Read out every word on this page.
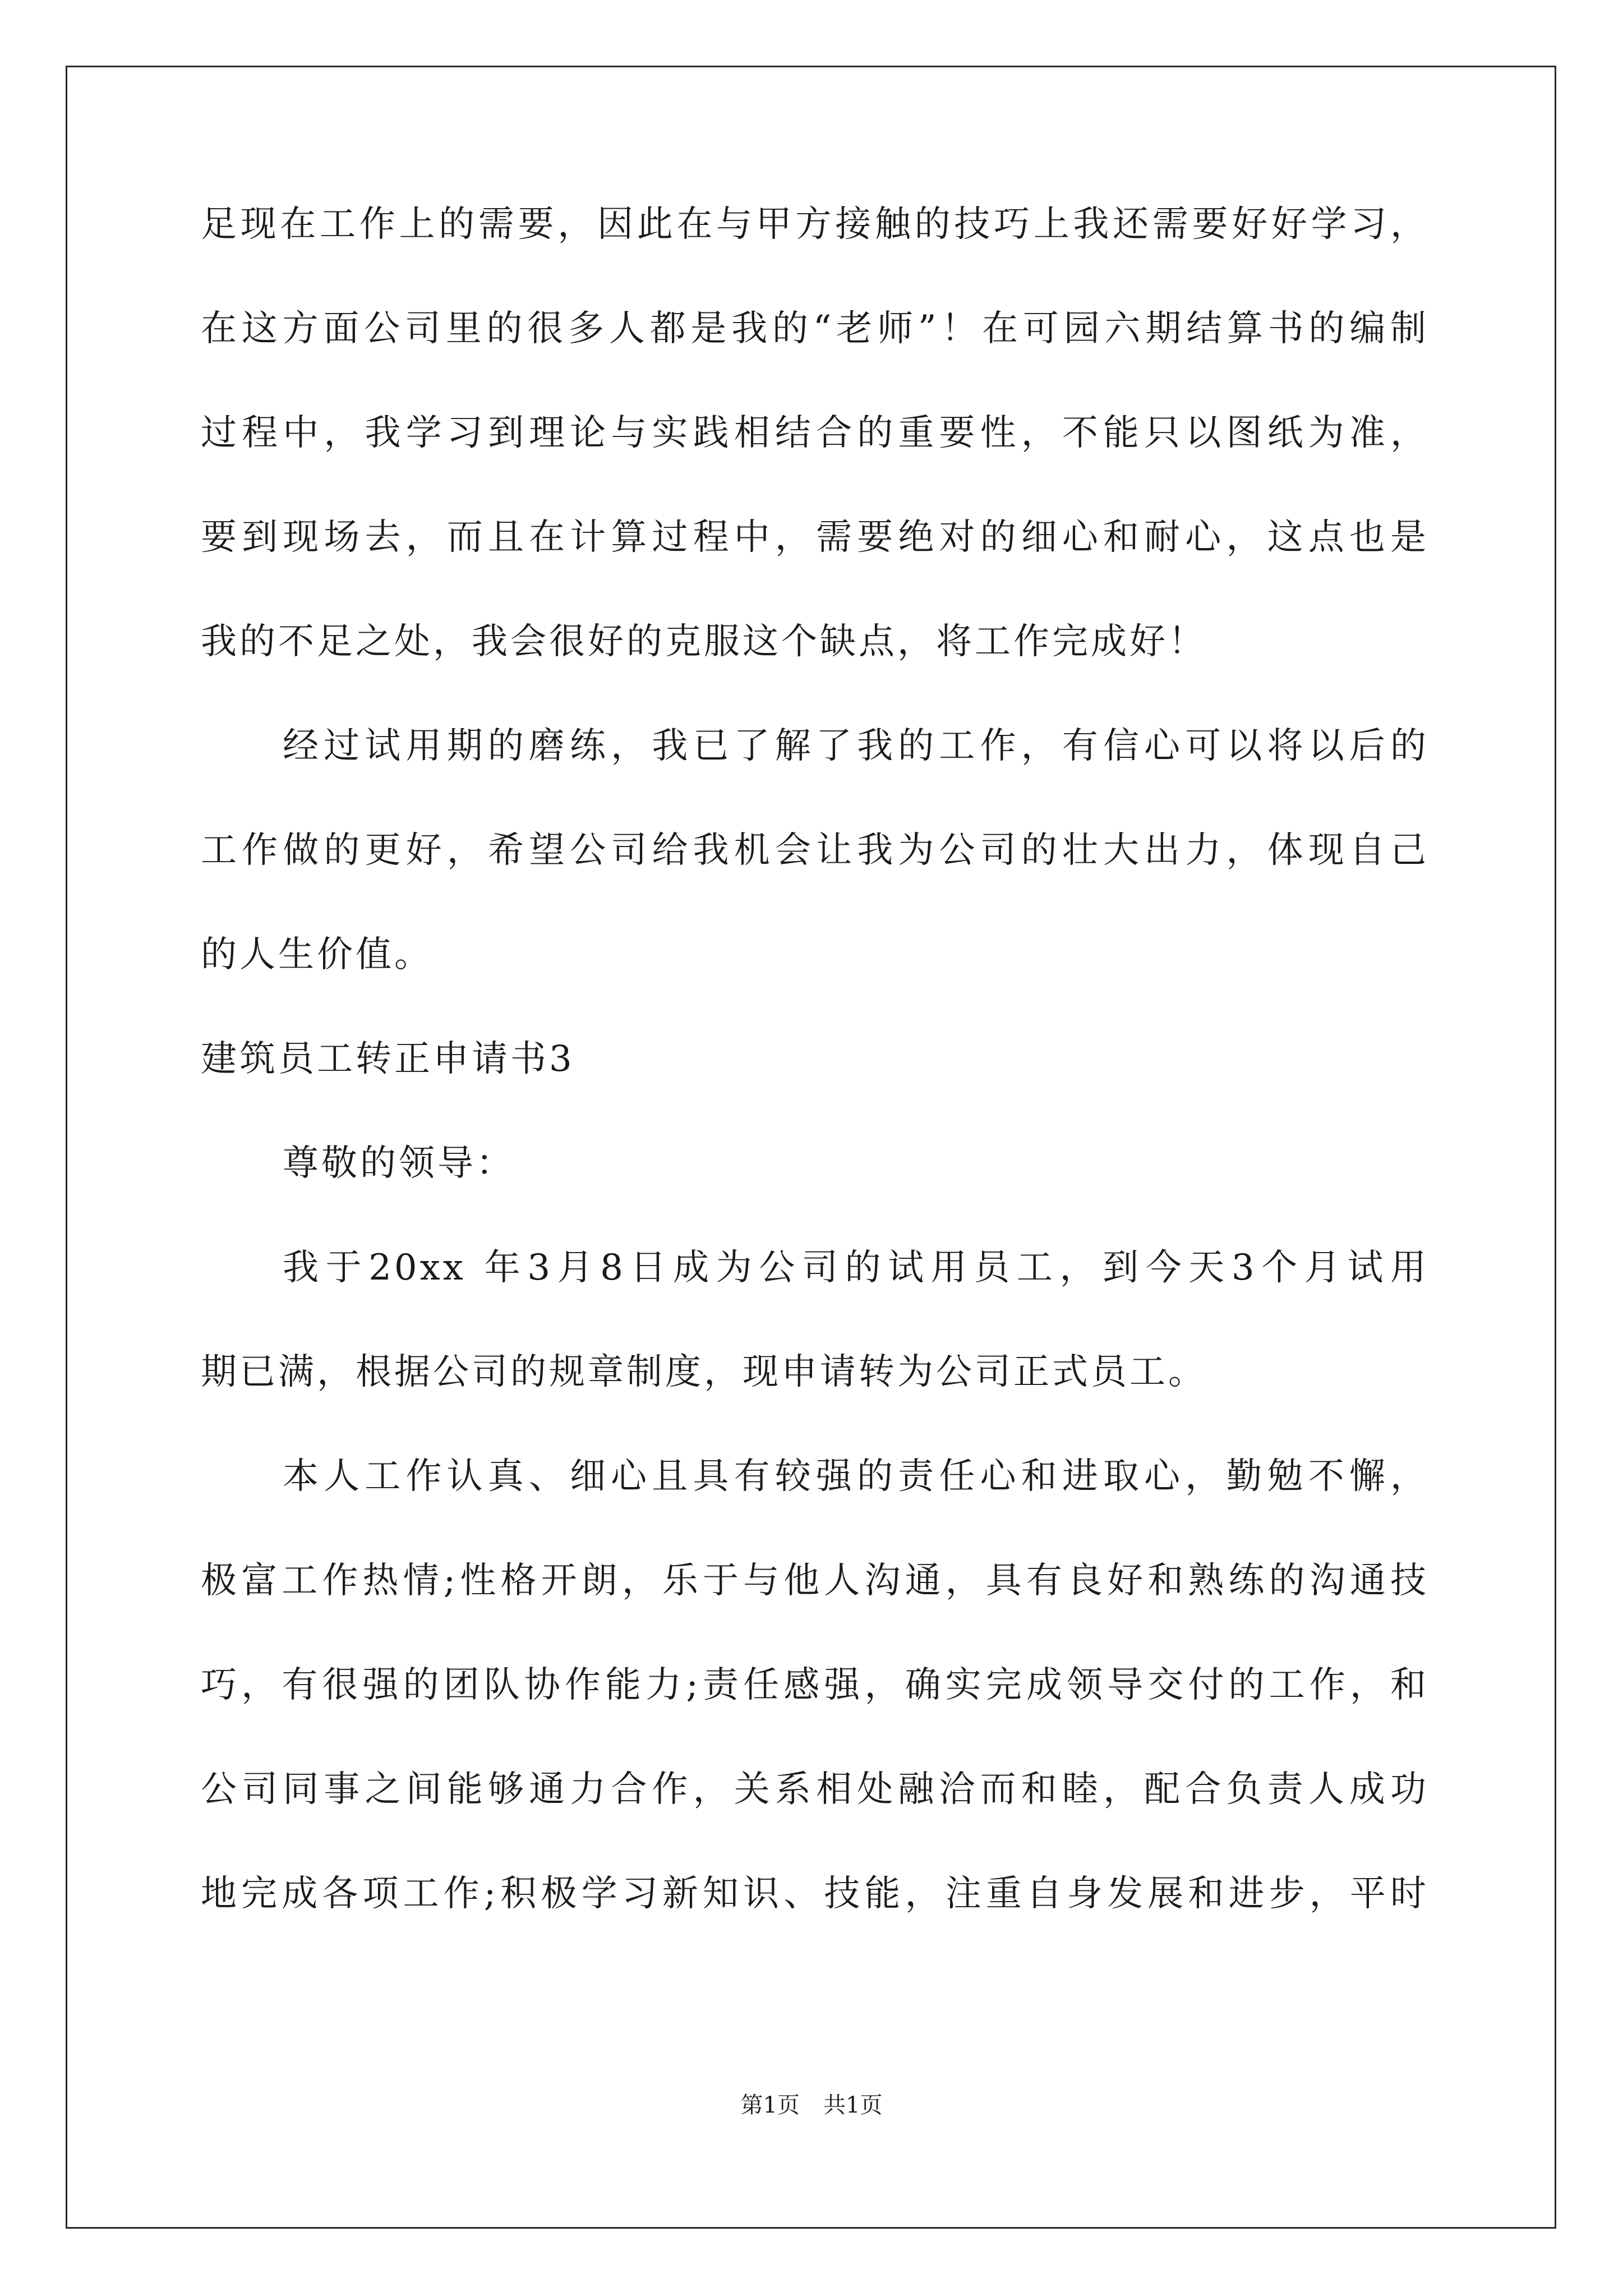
足现在工作上的需要，因此在与甲方接触的技巧上我还需要好好学习，
在这方面公司里的很多人都是我的“老师”！在可园六期结算书的编制
过程中，我学习到理论与实践相结合的重要性，不能只以图纸为准，
要到现场去，而且在计算过程中，需要绝对的细心和耐心，这点也是
我的不足之处，我会很好的克服这个缺点，将工作完成好！
经过试用期的磨练，我已了解了我的工作，有信心可以将以后的
工作做的更好，希望公司给我机会让我为公司的壮大出力，体现自己
的人生价值。
建筑员工转正申请书3
尊敬的领导：
我于20xx 年3月8日成为公司的试用员工，到今天3个月试用
期已满，根据公司的规章制度，现申请转为公司正式员工。
本人工作认真、细心且具有较强的责任心和进取心，勤勉不懈，
极富工作热情;性格开朗，乐于与他人沟通，具有良好和熟练的沟通技
巧，有很强的团队协作能力;责任感强，确实完成领导交付的工作，和
公司同事之间能够通力合作，关系相处融洽而和睦，配合负责人成功
地完成各项工作;积极学习新知识、技能，注重自身发展和进步，平时
第1页 共1页
